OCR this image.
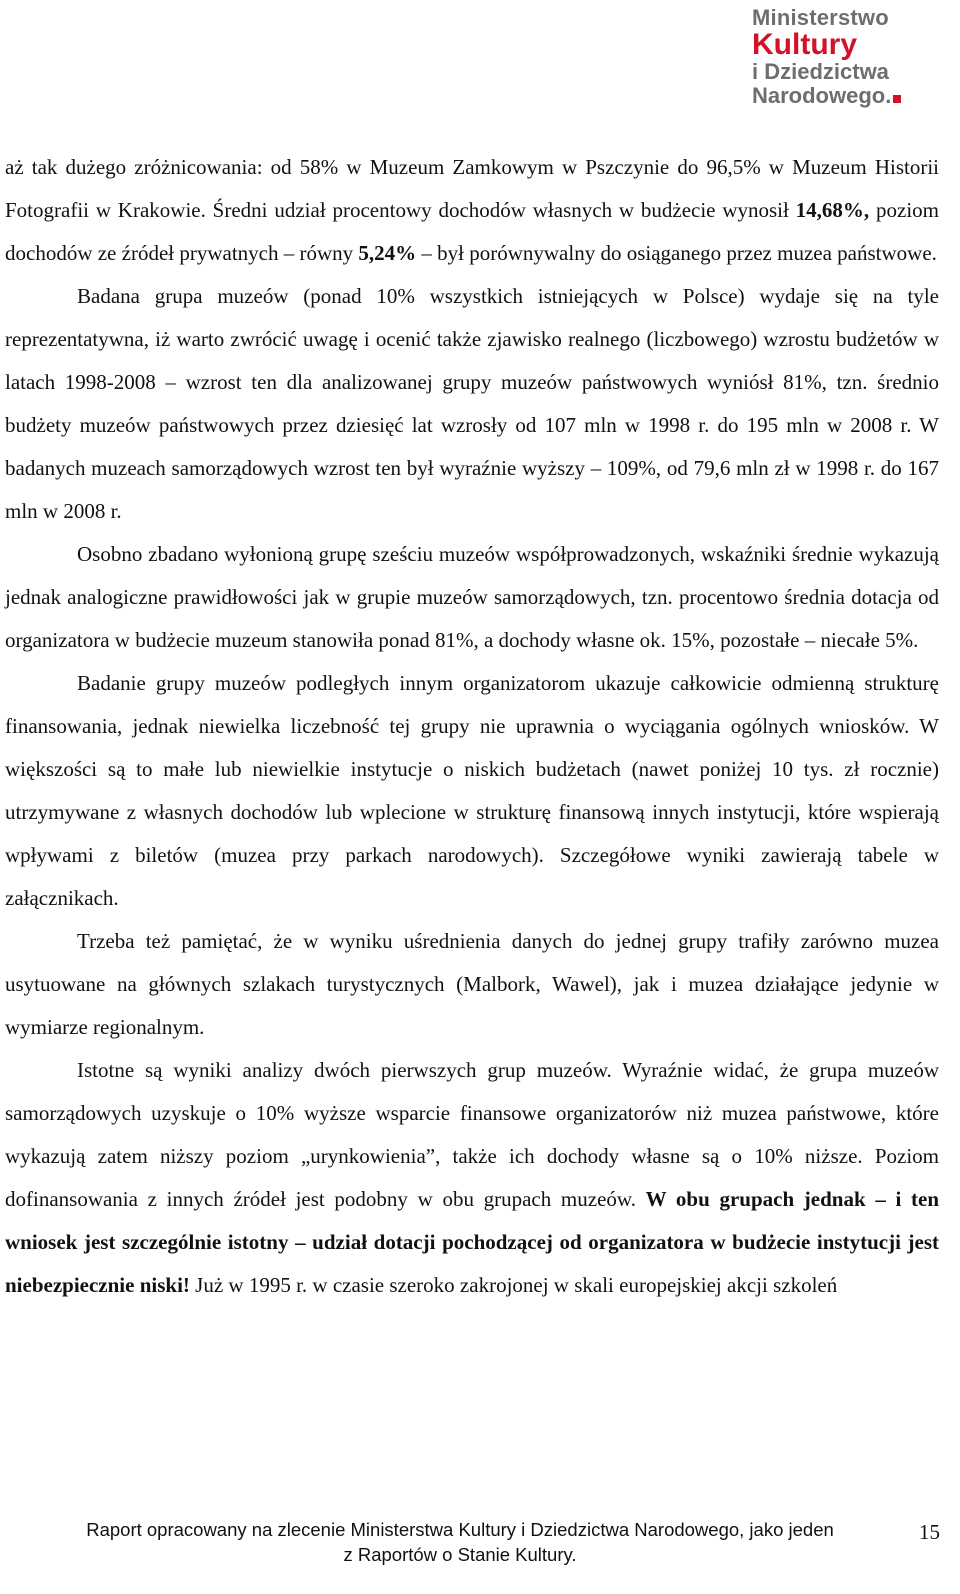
Ministerstwo
Kultury
i Dziedzictwa
Narodowego.

aż tak dużego zróżnicowania: od 58% w Muzeum Zamkowym w Pszczynie do 96,5% w Muzeum Historii Fotografii w Krakowie. Średni udział procentowy dochodów własnych w budżecie wynosił 14,68%, poziom dochodów ze źródeł prywatnych – równy 5,24% – był porównywalny do osiąganego przez muzea państwowe.

Badana grupa muzeów (ponad 10% wszystkich istniejących w Polsce) wydaje się na tyle reprezentatywna, iż warto zwrócić uwagę i ocenić także zjawisko realnego (liczbowego) wzrostu budżetów w latach 1998-2008 – wzrost ten dla analizowanej grupy muzeów państwowych wyniósł 81%, tzn. średnio budżety muzeów państwowych przez dziesięć lat wzrosły od 107 mln w 1998 r. do 195 mln w 2008 r. W badanych muzeach samorządowych wzrost ten był wyraźnie wyższy – 109%, od 79,6 mln zł w 1998 r. do 167 mln w 2008 r.

Osobno zbadano wyłonioną grupę sześciu muzeów współprowadzonych, wskaźniki średnie wykazują jednak analogiczne prawidłowości jak w grupie muzeów samorządowych, tzn. procentowo średnia dotacja od organizatora w budżecie muzeum stanowiła ponad 81%, a dochody własne ok. 15%, pozostałe – niecałe 5%.

Badanie grupy muzeów podległych innym organizatorom ukazuje całkowicie odmienną strukturę finansowania, jednak niewielka liczebność tej grupy nie uprawnia o wyciągania ogólnych wniosków. W większości są to małe lub niewielkie instytucje o niskich budżetach (nawet poniżej 10 tys. zł rocznie) utrzymywane z własnych dochodów lub wplecione w strukturę finansową innych instytucji, które wspierają wpływami z biletów (muzea przy parkach narodowych). Szczegółowe wyniki zawierają tabele w załącznikach.

Trzeba też pamiętać, że w wyniku uśrednienia danych do jednej grupy trafiły zarówno muzea usytuowane na głównych szlakach turystycznych (Malbork, Wawel), jak i muzea działające jedynie w wymiarze regionalnym.

Istotne są wyniki analizy dwóch pierwszych grup muzeów. Wyraźnie widać, że grupa muzeów samorządowych uzyskuje o 10% wyższe wsparcie finansowe organizatorów niż muzea państwowe, które wykazują zatem niższy poziom „urynkowienia”, także ich dochody własne są o 10% niższe. Poziom dofinansowania z innych źródeł jest podobny w obu grupach muzeów. W obu grupach jednak – i ten wniosek jest szczególnie istotny – udział dotacji pochodzącej od organizatora w budżecie instytucji jest niebezpiecznie niski! Już w 1995 r. w czasie szeroko zakrojonej w skali europejskiej akcji szkoleń

Raport opracowany na zlecenie Ministerstwa Kultury i Dziedzictwa Narodowego, jako jeden
z Raportów o Stanie Kultury.
15
